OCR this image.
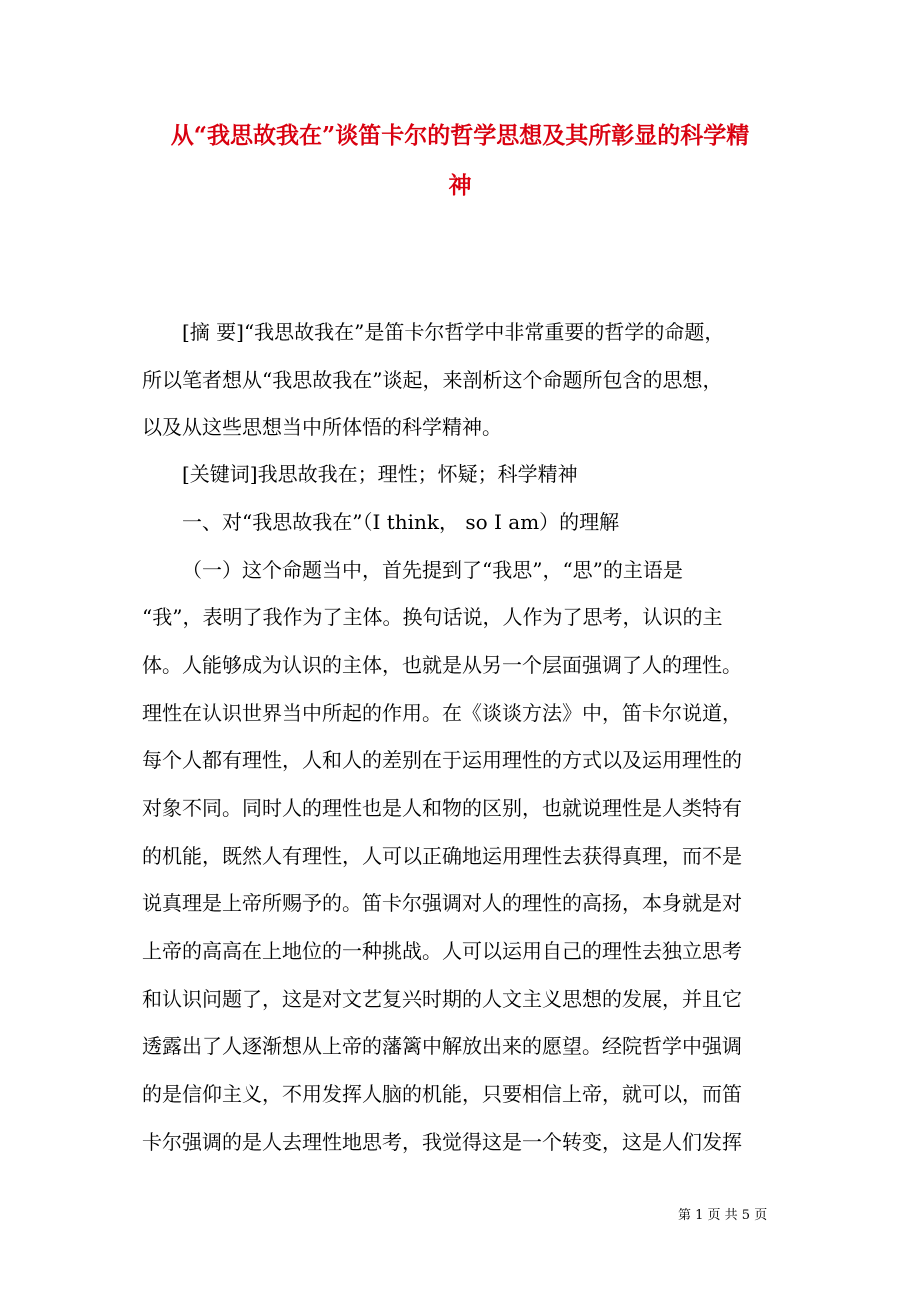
从“我思故我在”谈笛卡尔的哲学思想及其所彰显的科学精
神
[摘 要]“我思故我在”是笛卡尔哲学中非常重要的哲学的命题，
所以笔者想从“我思故我在”谈起，来剖析这个命题所包含的思想，
以及从这些思想当中所体悟的科学精神。
[关键词]我思故我在；理性；怀疑；科学精神
一、对“我思故我在”（I think， so I am）的理解
（一）这个命题当中，首先提到了“我思”，“思”的主语是
“我”，表明了我作为了主体。换句话说，人作为了思考，认识的主
体。人能够成为认识的主体，也就是从另一个层面强调了人的理性。
理性在认识世界当中所起的作用。在《谈谈方法》中，笛卡尔说道，
每个人都有理性，人和人的差别在于运用理性的方式以及运用理性的
对象不同。同时人的理性也是人和物的区别，也就说理性是人类特有
的机能，既然人有理性，人可以正确地运用理性去获得真理，而不是
说真理是上帝所赐予的。笛卡尔强调对人的理性的高扬，本身就是对
上帝的高高在上地位的一种挑战。人可以运用自己的理性去独立思考
和认识问题了，这是对文艺复兴时期的人文主义思想的发展，并且它
透露出了人逐渐想从上帝的藩篱中解放出来的愿望。经院哲学中强调
的是信仰主义，不用发挥人脑的机能，只要相信上帝，就可以，而笛
卡尔强调的是人去理性地思考，我觉得这是一个转变，这是人们发挥
第 1 页 共 5 页
